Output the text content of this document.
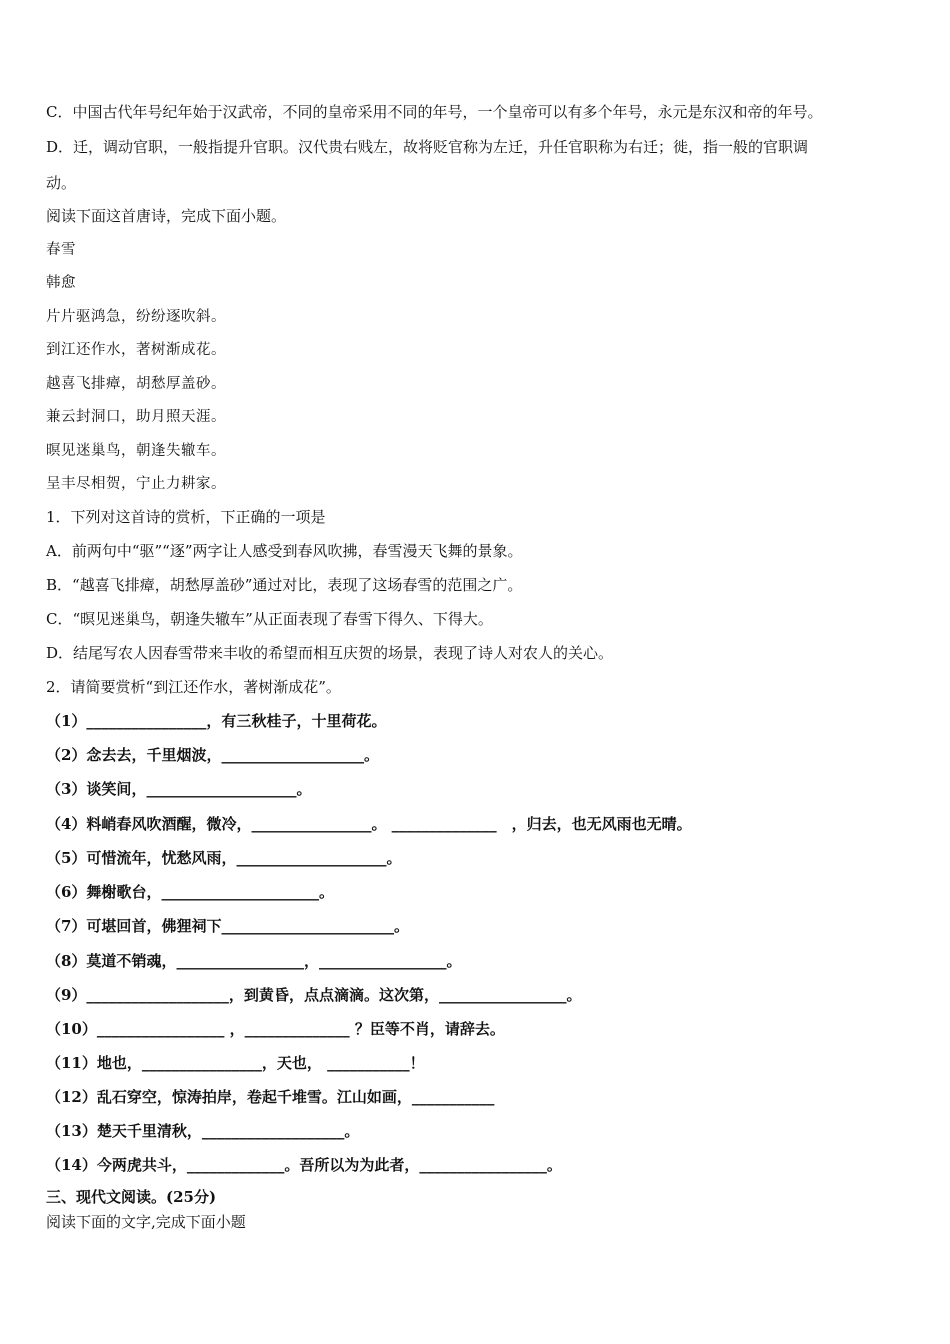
C．中国古代年号纪年始于汉武帝，不同的皇帝采用不同的年号，一个皇帝可以有多个年号，永元是东汉和帝的年号。
D．迁，调动官职，一般指提升官职。汉代贵右贱左，故将贬官称为左迁，升任官职称为右迁；徙，指一般的官职调
动。
阅读下面这首唐诗，完成下面小题。
春雪
韩愈
片片驱鸿急，纷纷逐吹斜。
到江还作水，著树渐成花。
越喜飞排瘴，胡愁厚盖砂。
兼云封洞口，助月照天涯。
暝见迷巢鸟，朝逢失辙车。
呈丰尽相贺，宁止力耕家。
1．下列对这首诗的赏析，下正确的一项是
A．前两句中“驱”“逐”两字让人感受到春风吹拂，春雪漫天飞舞的景象。
B．“越喜飞排瘴，胡愁厚盖砂”通过对比，表现了这场春雪的范围之广。
C．“暝见迷巢鸟，朝逢失辙车”从正面表现了春雪下得久、下得大。
D．结尾写农人因春雪带来丰收的希望而相互庆贺的场景，表现了诗人对农人的关心。
2．请简要赏析“到江还作水，著树渐成花”。
（1）________________，有三秋桂子，十里荷花。
（2）念去去，千里烟波，___________________。
（3）谈笑间，____________________。
（4）料峭春风吹酒醒，微冷，________________。 ______________　，归去，也无风雨也无晴。
（5）可惜流年，忧愁风雨，____________________。
（6）舞榭歌台，_____________________。
（7）可堪回首，佛狸祠下_______________________。
（8）莫道不销魂，_________________，_________________。
（9）___________________，到黄昏，点点滴滴。这次第，_________________。
（10）_________________ ，______________ ？臣等不肖，请辞去。
（11）地也，________________，天也， ___________！
（12）乱石穿空，惊涛拍岸，卷起千堆雪。江山如画，___________
（13）楚天千里清秋，___________________。
（14）今两虎共斗，_____________。吾所以为为此者，_________________。
三、现代文阅读。(25分)
阅读下面的文字,完成下面小题
